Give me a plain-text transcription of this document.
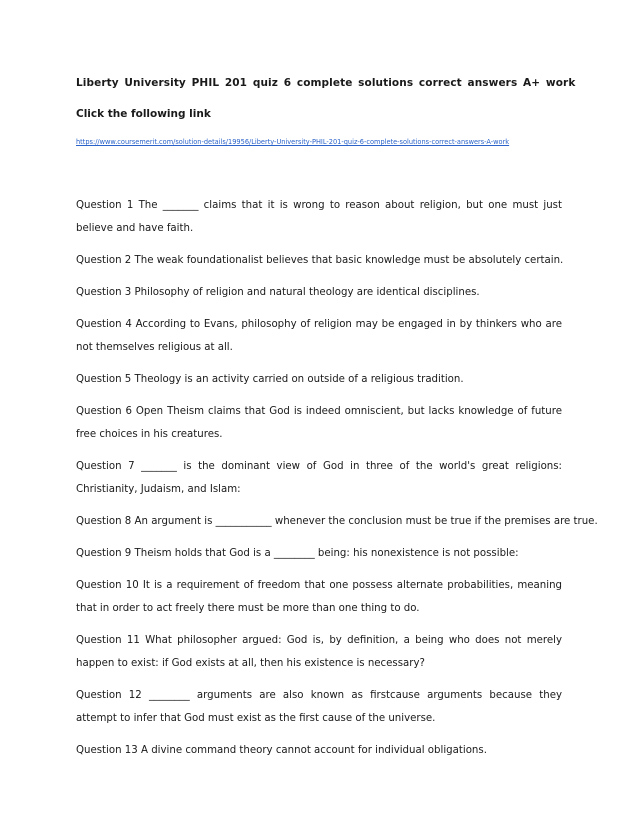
Liberty University PHIL 201 quiz 6 complete solutions correct answers A+ work
Click the following link
https://www.coursemerit.com/solution-details/19956/Liberty-University-PHIL-201-quiz-6-complete-solutions-correct-answers-A-work

Question 1 The _______ claims that it is wrong to reason about religion, but one must just believe and have faith.

Question 2 The weak foundationalist believes that basic knowledge must be absolutely certain.

Question 3 Philosophy of religion and natural theology are identical disciplines.

Question 4 According to Evans, philosophy of religion may be engaged in by thinkers who are not themselves religious at all.

Question 5 Theology is an activity carried on outside of a religious tradition.

Question 6 Open Theism claims that God is indeed omniscient, but lacks knowledge of future free choices in his creatures.

Question 7 _______ is the dominant view of God in three of the world's great religions: Christianity, Judaism, and Islam:

Question 8 An argument is ___________ whenever the conclusion must be true if the premises are true.

Question 9 Theism holds that God is a ________ being: his nonexistence is not possible:

Question 10 It is a requirement of freedom that one possess alternate probabilities, meaning that in order to act freely there must be more than one thing to do.

Question 11 What philosopher argued: God is, by definition, a being who does not merely happen to exist: if God exists at all, then his existence is necessary?

Question 12 ________ arguments are also known as firstcause arguments because they attempt to infer that God must exist as the first cause of the universe.

Question 13 A divine command theory cannot account for individual obligations.
